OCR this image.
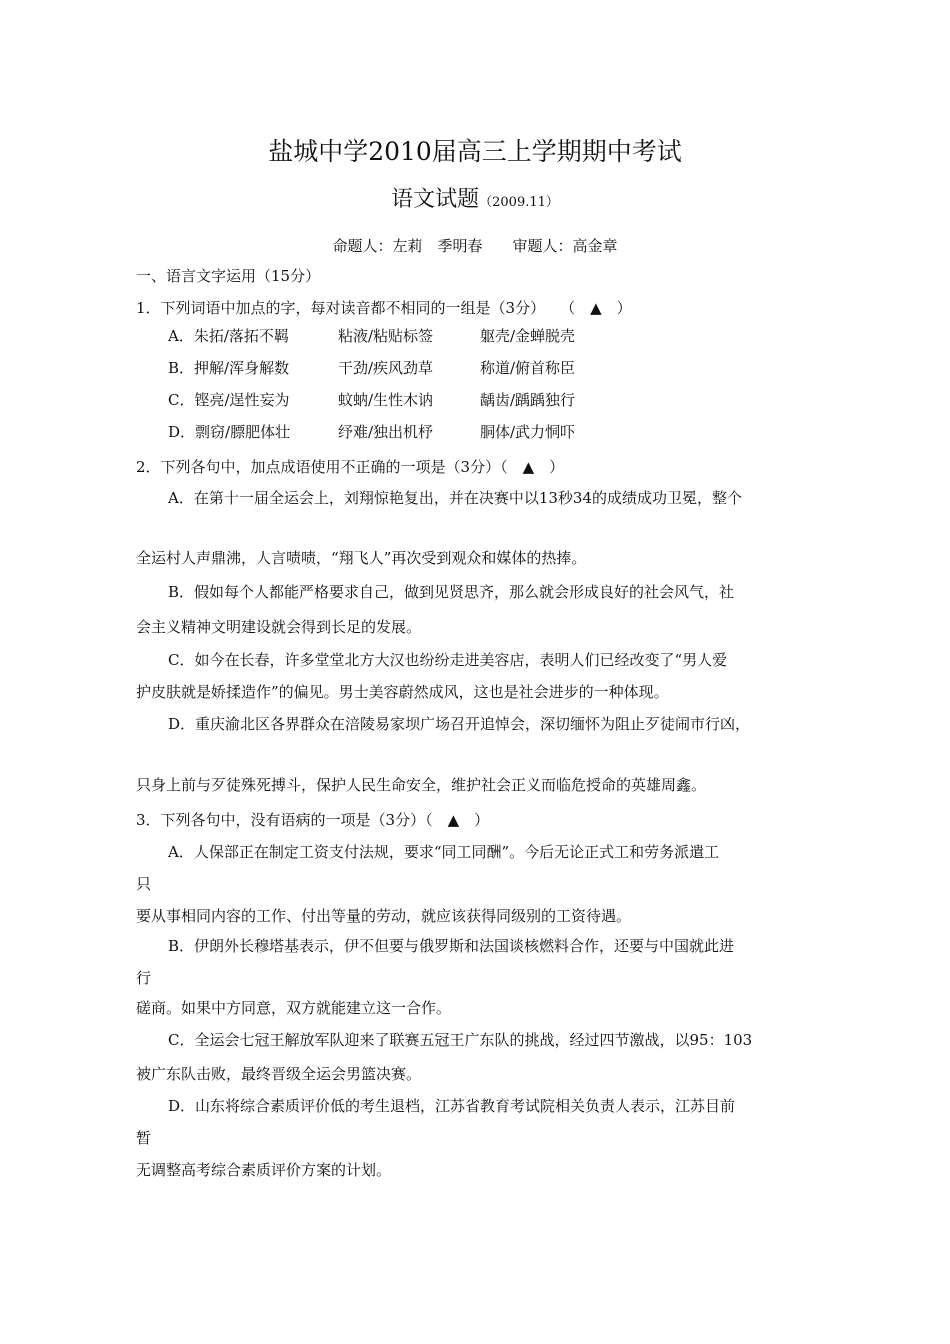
盐城中学2010届高三上学期期中考试
语文试题（2009.11）
命题人：左莉　季明春　　审题人：高金章
一、语言文字运用（15分）
1．下列词语中加点的字，每对读音都不相同的一组是（3分）　　（　▲　）
A．朱拓/落拓不羁	粘液/粘贴标签	躯壳/金蝉脱壳
B．押解/浑身解数	干劲/疾风劲草	称道/俯首称臣
C．铿亮/逞性妄为	蚊蚋/生性木讷	龋齿/踽踽独行
D．剽窃/膘肥体壮	纾难/独出机杼	胴体/武力恫吓
2．下列各句中，加点成语使用不正确的一项是（3分）（　▲　）
A．在第十一届全运会上，刘翔惊艳复出，并在决赛中以13秒34的成绩成功卫冕，整个
全运村人声鼎沸，人言啧啧，“翔飞人”再次受到观众和媒体的热捧。
B．假如每个人都能严格要求自己，做到见贤思齐，那么就会形成良好的社会风气，社
会主义精神文明建设就会得到长足的发展。
C．如今在长春，许多堂堂北方大汉也纷纷走进美容店，表明人们已经改变了“男人爱
护皮肤就是娇揉造作”的偏见。男士美容蔚然成风，这也是社会进步的一种体现。
D．重庆渝北区各界群众在涪陵易家坝广场召开追悼会，深切缅怀为阻止歹徒闹市行凶，
只身上前与歹徒殊死搏斗，保护人民生命安全，维护社会正义而临危授命的英雄周鑫。
3．下列各句中，没有语病的一项是（3分）（　▲　）
A．人保部正在制定工资支付法规，要求“同工同酬”。今后无论正式工和劳务派遣工
只
要从事相同内容的工作、付出等量的劳动，就应该获得同级别的工资待遇。
B．伊朗外长穆塔基表示，伊不但要与俄罗斯和法国谈核燃料合作，还要与中国就此进
行
磋商。如果中方同意，双方就能建立这一合作。
C．全运会七冠王解放军队迎来了联赛五冠王广东队的挑战，经过四节激战，以95：103
被广东队击败，最终晋级全运会男篮决赛。
D．山东将综合素质评价低的考生退档，江苏省教育考试院相关负责人表示，江苏目前
暂
无调整高考综合素质评价方案的计划。
